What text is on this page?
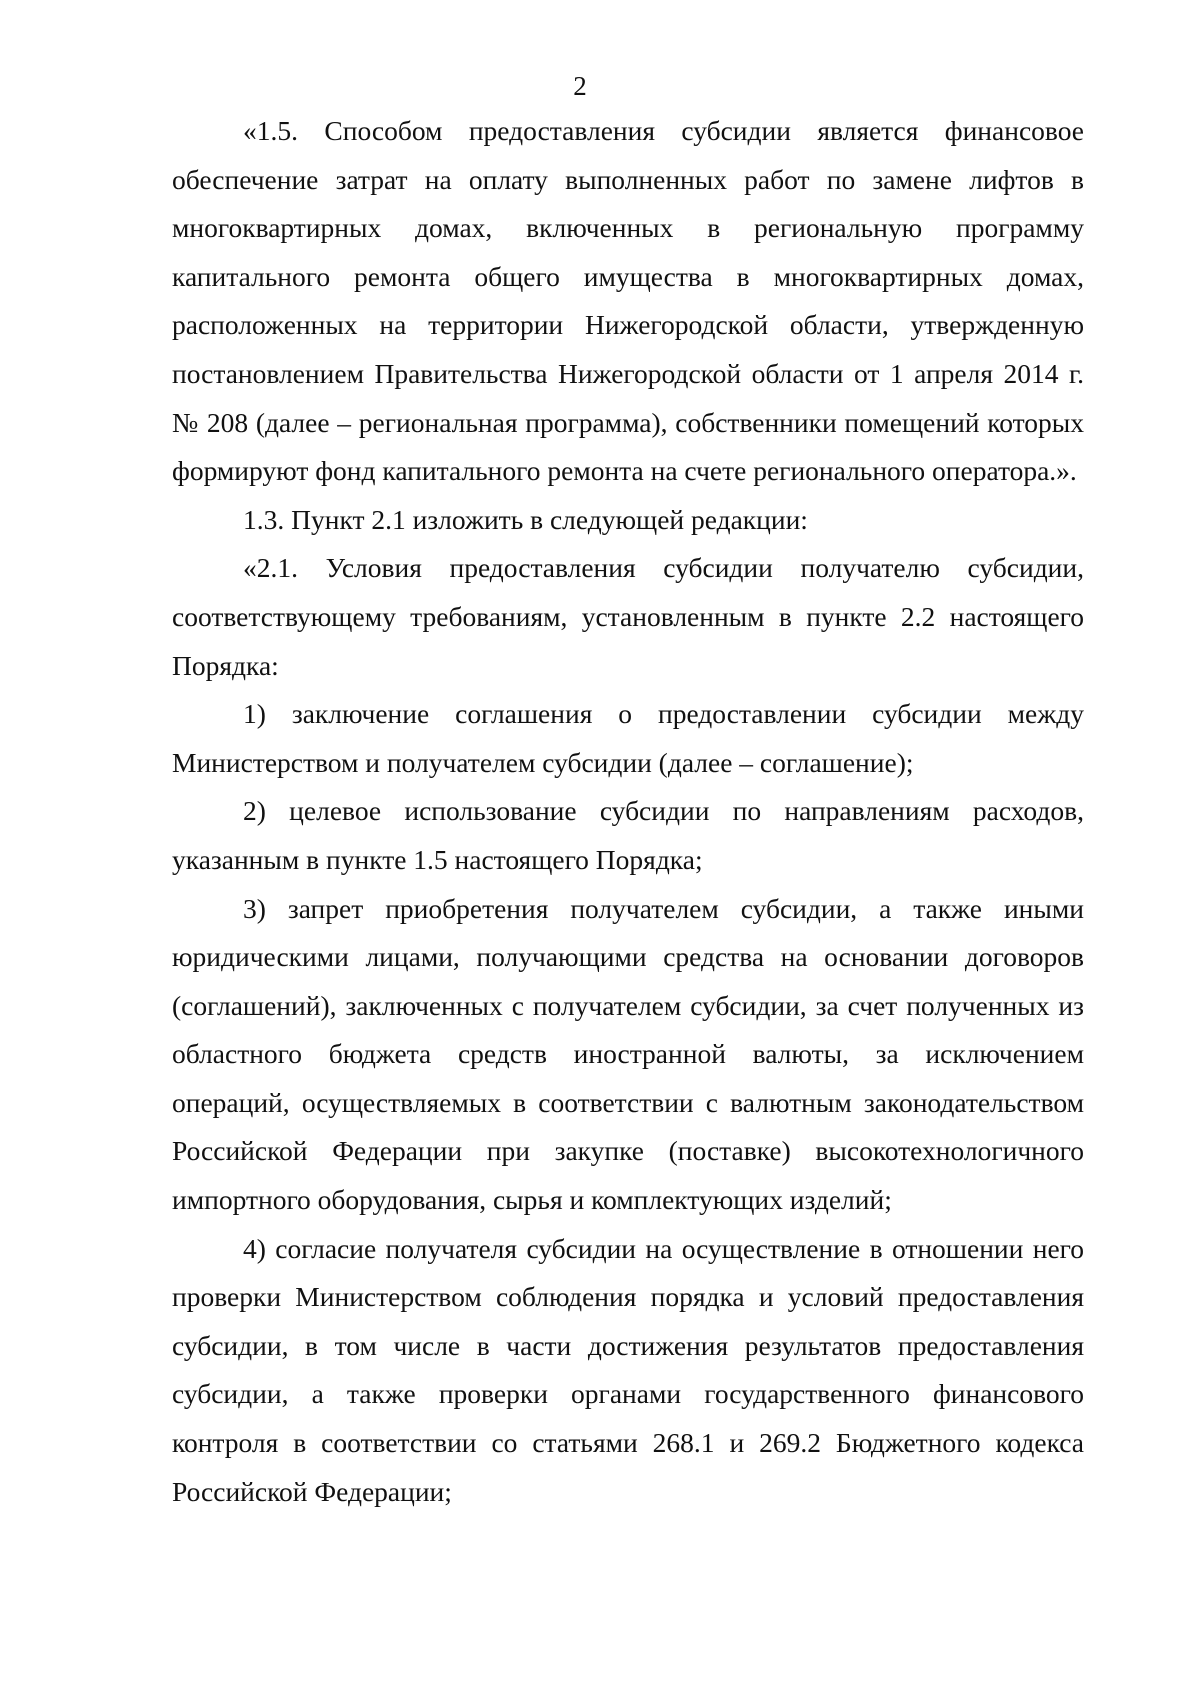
2

«1.5. Способом предоставления субсидии является финансовое обеспечение затрат на оплату выполненных работ по замене лифтов в многоквартирных домах, включенных в региональную программу капитального ремонта общего имущества в многоквартирных домах, расположенных на территории Нижегородской области, утвержденную постановлением Правительства Нижегородской области от 1 апреля 2014 г. № 208 (далее – региональная программа), собственники помещений которых формируют фонд капитального ремонта на счете регионального оператора.».

1.3. Пункт 2.1 изложить в следующей редакции:

«2.1. Условия предоставления субсидии получателю субсидии, соответствующему требованиям, установленным в пункте 2.2 настоящего Порядка:

1) заключение соглашения о предоставлении субсидии между Министерством и получателем субсидии (далее – соглашение);

2) целевое использование субсидии по направлениям расходов, указанным в пункте 1.5 настоящего Порядка;

3) запрет приобретения получателем субсидии, а также иными юридическими лицами, получающими средства на основании договоров (соглашений), заключенных с получателем субсидии, за счет полученных из областного бюджета средств иностранной валюты, за исключением операций, осуществляемых в соответствии с валютным законодательством Российской Федерации при закупке (поставке) высокотехнологичного импортного оборудования, сырья и комплектующих изделий;

4) согласие получателя субсидии на осуществление в отношении него проверки Министерством соблюдения порядка и условий предоставления субсидии, в том числе в части достижения результатов предоставления субсидии, а также проверки органами государственного финансового контроля в соответствии со статьями 268.1 и 269.2 Бюджетного кодекса Российской Федерации;
